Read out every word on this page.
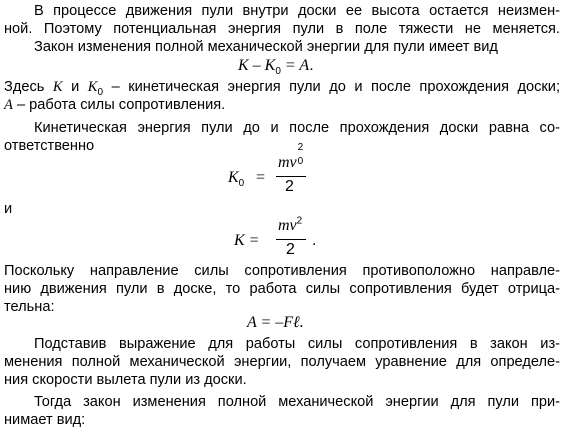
В процессе движения пули внутри доски ее высота остается неизмен-
ной. Поэтому потенциальная энергия пули в поле тяжести не меняется.
Закон изменения полной механической энергии для пули имеет вид
$K - K_0 = A$.
Здесь K и $K_0$ – кинетическая энергия пули до и после прохождения доски;
A – работа силы сопротивления.
Кинетическая энергия пули до и после прохождения доски равна со-
ответственно
$K_0$ =
mv
2
0
2
и
K =
$mv^2$
2
.
Поскольку направление силы сопротивления противоположно направле-
нию движения пули в доске, то работа силы сопротивления будет отрица-
тельна:
A = –Fℓ.
Подставив выражение для работы силы сопротивления в закон из-
менения полной механической энергии, получаем уравнение для определе-
ния скорости вылета пули из доски.
Тогда закон изменения полной механической энергии для пули при-
нимает вид:
